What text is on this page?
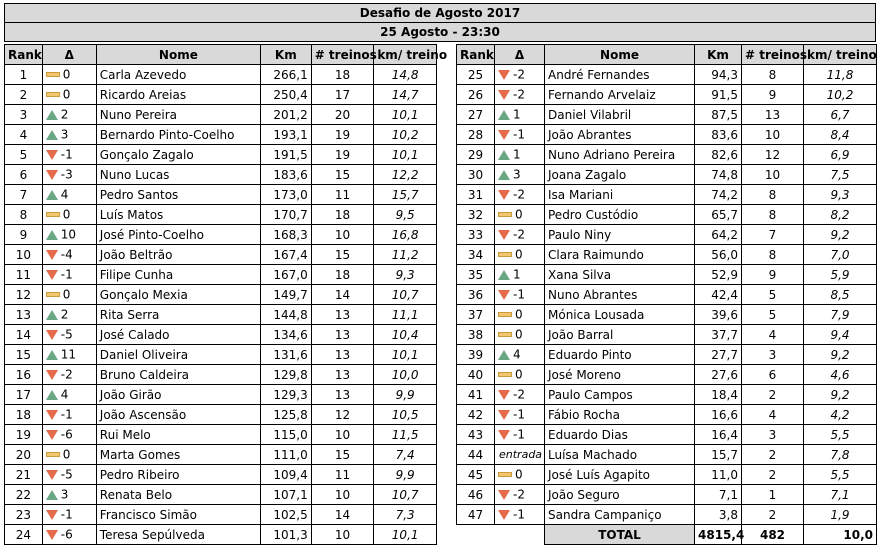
Desafio de Agosto 2017
25 Agosto - 23:30
Rank	Δ	Nome	Km	# treinos	km/ treino
1	0	Carla Azevedo	266,1	18	14,8
2	0	Ricardo Areias	250,4	17	14,7
3	2	Nuno Pereira	201,2	20	10,1
4	3	Bernardo Pinto-Coelho	193,1	19	10,2
5	-1	Gonçalo Zagalo	191,5	19	10,1
6	-3	Nuno Lucas	183,6	15	12,2
7	4	Pedro Santos	173,0	11	15,7
8	0	Luís Matos	170,7	18	9,5
9	10	José Pinto-Coelho	168,3	10	16,8
10	-4	João Beltrão	167,4	15	11,2
11	-1	Filipe Cunha	167,0	18	9,3
12	0	Gonçalo Mexia	149,7	14	10,7
13	2	Rita Serra	144,8	13	11,1
14	-5	José Calado	134,6	13	10,4
15	11	Daniel Oliveira	131,6	13	10,1
16	-2	Bruno Caldeira	129,8	13	10,0
17	4	João Girão	129,3	13	9,9
18	-1	João Ascensão	125,8	12	10,5
19	-6	Rui Melo	115,0	10	11,5
20	0	Marta Gomes	111,0	15	7,4
21	-5	Pedro Ribeiro	109,4	11	9,9
22	3	Renata Belo	107,1	10	10,7
23	-1	Francisco Simão	102,5	14	7,3
24	-6	Teresa Sepúlveda	101,3	10	10,1
Rank	Δ	Nome	Km	# treinos	km/ treino
25	-2	André Fernandes	94,3	8	11,8
26	-2	Fernando Arvelaiz	91,5	9	10,2
27	1	Daniel Vilabril	87,5	13	6,7
28	-1	João Abrantes	83,6	10	8,4
29	1	Nuno Adriano Pereira	82,6	12	6,9
30	3	Joana Zagalo	74,8	10	7,5
31	-2	Isa Mariani	74,2	8	9,3
32	0	Pedro Custódio	65,7	8	8,2
33	-2	Paulo Niny	64,2	7	9,2
34	0	Clara Raimundo	56,0	8	7,0
35	1	Xana Silva	52,9	9	5,9
36	-1	Nuno Abrantes	42,4	5	8,5
37	0	Mónica Lousada	39,6	5	7,9
38	0	João Barral	37,7	4	9,4
39	4	Eduardo Pinto	27,7	3	9,2
40	0	José Moreno	27,6	6	4,6
41	-2	Paulo Campos	18,4	2	9,2
42	-1	Fábio Rocha	16,6	4	4,2
43	-1	Eduardo Dias	16,4	3	5,5
44	entrada	Luísa Machado	15,7	2	7,8
45	0	José Luís Agapito	11,0	2	5,5
46	-2	João Seguro	7,1	1	7,1
47	-1	Sandra Campaniço	3,8	2	1,9
		TOTAL	4815,4	482	10,0
